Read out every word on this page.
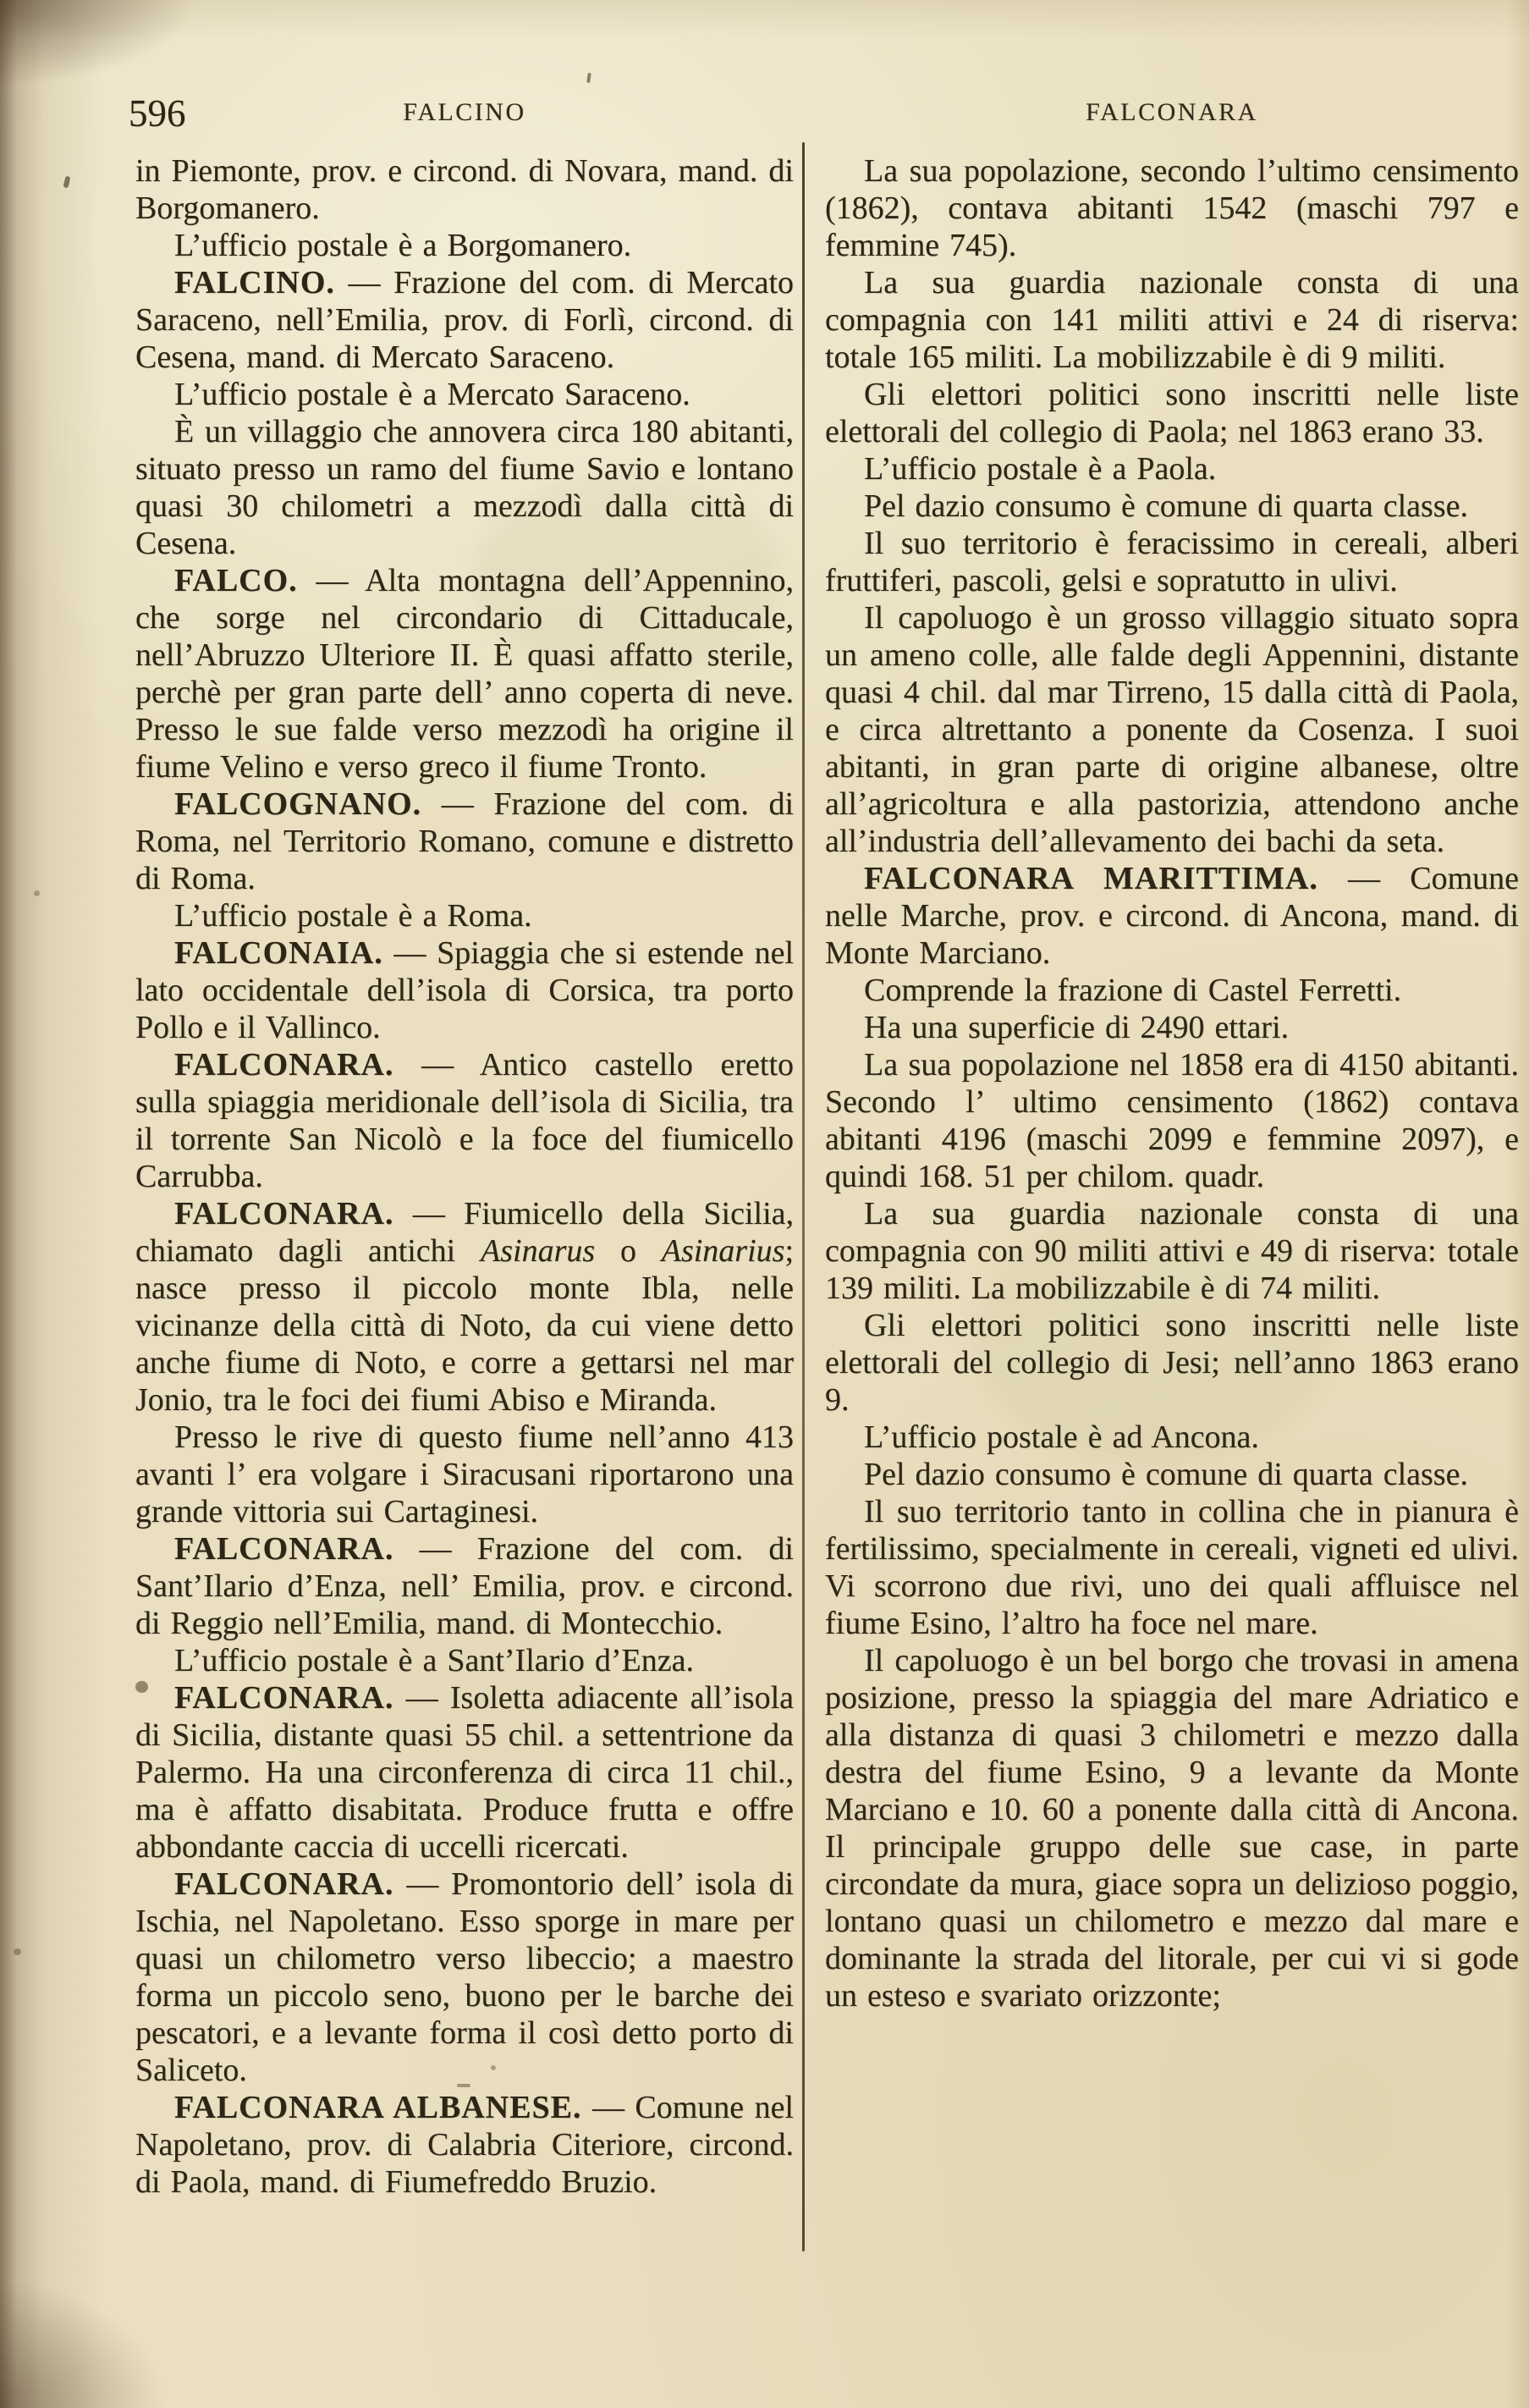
596	FALCINO	FALCONARA

in Piemonte, prov. e circond. di Novara, mand. di Borgomanero.

L’ufficio postale è a Borgomanero.

FALCINO. — Frazione del com. di Mercato Saraceno, nell’Emilia, prov. di Forlì, circond. di Cesena, mand. di Mercato Saraceno.

L’ufficio postale è a Mercato Saraceno.

È un villaggio che annovera circa 180 abitanti, situato presso un ramo del fiume Savio e lontano quasi 30 chilometri a mezzodì dalla città di Cesena.

FALCO. — Alta montagna dell’Appennino, che sorge nel circondario di Cittaducale, nell’Abruzzo Ulteriore II. È quasi affatto sterile, perchè per gran parte dell’ anno coperta di neve. Presso le sue falde verso mezzodì ha origine il fiume Velino e verso greco il fiume Tronto.

FALCOGNANO. — Frazione del com. di Roma, nel Territorio Romano, comune e distretto di Roma.

L’ufficio postale è a Roma.

FALCONAIA. — Spiaggia che si estende nel lato occidentale dell’isola di Corsica, tra porto Pollo e il Vallinco.

FALCONARA. — Antico castello eretto sulla spiaggia meridionale dell’isola di Sicilia, tra il torrente San Nicolò e la foce del fiumicello Carrubba.

FALCONARA. — Fiumicello della Sicilia, chiamato dagli antichi Asinarus o Asinarius; nasce presso il piccolo monte Ibla, nelle vicinanze della città di Noto, da cui viene detto anche fiume di Noto, e corre a gettarsi nel mar Jonio, tra le foci dei fiumi Abiso e Miranda.

Presso le rive di questo fiume nell’anno 413 avanti l’ era volgare i Siracusani riportarono una grande vittoria sui Cartaginesi.

FALCONARA. — Frazione del com. di Sant’Ilario d’Enza, nell’ Emilia, prov. e circond. di Reggio nell’Emilia, mand. di Montecchio.

L’ufficio postale è a Sant’Ilario d’Enza.

FALCONARA. — Isoletta adiacente all’isola di Sicilia, distante quasi 55 chil. a settentrione da Palermo. Ha una circonferenza di circa 11 chil., ma è affatto disabitata. Produce frutta e offre abbondante caccia di uccelli ricercati.

FALCONARA. — Promontorio dell’ isola di Ischia, nel Napoletano. Esso sporge in mare per quasi un chilometro verso libeccio; a maestro forma un piccolo seno, buono per le barche dei pescatori, e a levante forma il così detto porto di Saliceto.

FALCONARA ALBANESE. — Comune nel Napoletano, prov. di Calabria Citeriore, circond. di Paola, mand. di Fiumefreddo Bruzio.

La sua popolazione, secondo l’ultimo censimento (1862), contava abitanti 1542 (maschi 797 e femmine 745).

La sua guardia nazionale consta di una compagnia con 141 militi attivi e 24 di riserva: totale 165 militi. La mobilizzabile è di 9 militi.

Gli elettori politici sono inscritti nelle liste elettorali del collegio di Paola; nel 1863 erano 33.

L’ufficio postale è a Paola.

Pel dazio consumo è comune di quarta classe.

Il suo territorio è feracissimo in cereali, alberi fruttiferi, pascoli, gelsi e sopratutto in ulivi.

Il capoluogo è un grosso villaggio situato sopra un ameno colle, alle falde degli Appennini, distante quasi 4 chil. dal mar Tirreno, 15 dalla città di Paola, e circa altrettanto a ponente da Cosenza. I suoi abitanti, in gran parte di origine albanese, oltre all’agricoltura e alla pastorizia, attendono anche all’industria dell’allevamento dei bachi da seta.

FALCONARA MARITTIMA. — Comune nelle Marche, prov. e circond. di Ancona, mand. di Monte Marciano.

Comprende la frazione di Castel Ferretti.

Ha una superficie di 2490 ettari.

La sua popolazione nel 1858 era di 4150 abitanti. Secondo l’ ultimo censimento (1862) contava abitanti 4196 (maschi 2099 e femmine 2097), e quindi 168. 51 per chilom. quadr.

La sua guardia nazionale consta di una compagnia con 90 militi attivi e 49 di riserva: totale 139 militi. La mobilizzabile è di 74 militi.

Gli elettori politici sono inscritti nelle liste elettorali del collegio di Jesi; nell’anno 1863 erano 9.

L’ufficio postale è ad Ancona.

Pel dazio consumo è comune di quarta classe.

Il suo territorio tanto in collina che in pianura è fertilissimo, specialmente in cereali, vigneti ed ulivi. Vi scorrono due rivi, uno dei quali affluisce nel fiume Esino, l’altro ha foce nel mare.

Il capoluogo è un bel borgo che trovasi in amena posizione, presso la spiaggia del mare Adriatico e alla distanza di quasi 3 chilometri e mezzo dalla destra del fiume Esino, 9 a levante da Monte Marciano e 10. 60 a ponente dalla città di Ancona. Il principale gruppo delle sue case, in parte circondate da mura, giace sopra un delizioso poggio, lontano quasi un chilometro e mezzo dal mare e dominante la strada del litorale, per cui vi si gode un esteso e svariato orizzonte;
